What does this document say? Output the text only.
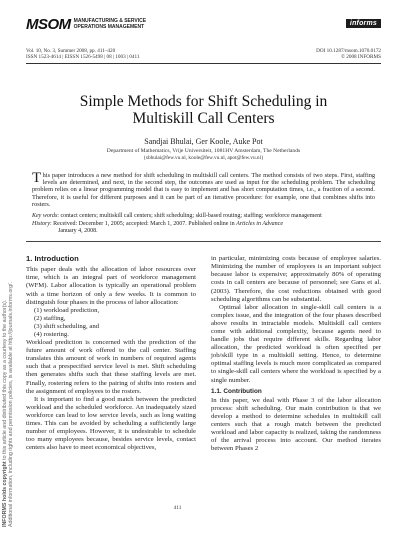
INFORMS holds copyright to this article and distributed this copy as a courtesy to the author(s).
Additional information, including rights and permission policies, is available at http://journals.informs.org/.
MSOM MANUFACTURING & SERVICE
OPERATIONS MANAGEMENT	informs
Vol. 10, No. 3, Summer 2008, pp. 411–420
ISSN 1523-4614 | EISSN 1526-5498 | 08 | 1003 | 0411
DOI 10.1287/msom.1070.0172
© 2008 INFORMS
Simple Methods for Shift Scheduling in
Multiskill Call Centers
Sandjai Bhulai, Ger Koole, Auke Pot
Department of Mathematics, Vrije Universiteit, 1081HV Amsterdam, The Netherlands
{sbhulai@few.vu.nl, koole@few.vu.nl, apot@few.vu.nl}
This paper introduces a new method for shift scheduling in multiskill call centers. The method consists of two steps. First, staffing levels are determined, and next, in the second step, the outcomes are used as input for the scheduling problem. The scheduling problem relies on a linear programming model that is easy to implement and has short computation times, i.e., a fraction of a second. Therefore, it is useful for different purposes and it can be part of an iterative procedure: for example, one that combines shifts into rosters.
Key words: contact centers; multiskill call centers; shift scheduling; skill-based routing; staffing; workforce management
History: Received: December 1, 2005; accepted: March 1, 2007. Published online in Articles in Advance
January 4, 2008.
1. Introduction

This paper deals with the allocation of labor resources over time, which is an integral part of workforce management (WFM). Labor allocation is typically an operational problem with a time horizon of only a few weeks. It is common to distinguish four phases in the process of labor allocation:

(1) workload prediction,
(2) staffing,
(3) shift scheduling, and
(4) rostering.

Workload prediction is concerned with the prediction of the future amount of work offered to the call center. Staffing translates this amount of work in numbers of required agents such that a prespecified service level is met. Shift scheduling then generates shifts such that these staffing levels are met. Finally, rostering refers to the pairing of shifts into rosters and the assignment of employees to the rosters.

It is important to find a good match between the predicted workload and the scheduled workforce. An inadequately sized workforce can lead to low service levels, such as long waiting times. This can be avoided by scheduling a sufficiently large number of employees. However, it is undesirable to schedule too many employees because, besides service levels, contact centers also have to meet economical objectives,

in particular, minimizing costs because of employee salaries. Minimizing the number of employees is an important subject because labor is expensive; approximately 80% of operating costs in call centers are because of personnel; see Gans et al. (2003). Therefore, the cost reductions obtained with good scheduling algorithms can be substantial.

Optimal labor allocation in single-skill call centers is a complex issue, and the integration of the four phases described above results in intractable models. Multiskill call centers come with additional complexity, because agents need to handle jobs that require different skills. Regarding labor allocation, the predicted workload is often specified per job/skill type in a multiskill setting. Hence, to determine optimal staffing levels is much more complicated as compared to single-skill call centers where the workload is specified by a single number.

1.1. Contribution

In this paper, we deal with Phase 3 of the labor allocation process: shift scheduling. Our main contribution is that we develop a method to determine schedules in multiskill call centers such that a rough match between the predicted workload and labor capacity is realized, taking the randomness of the arrival process into account. Our method iterates between Phases 2

411
